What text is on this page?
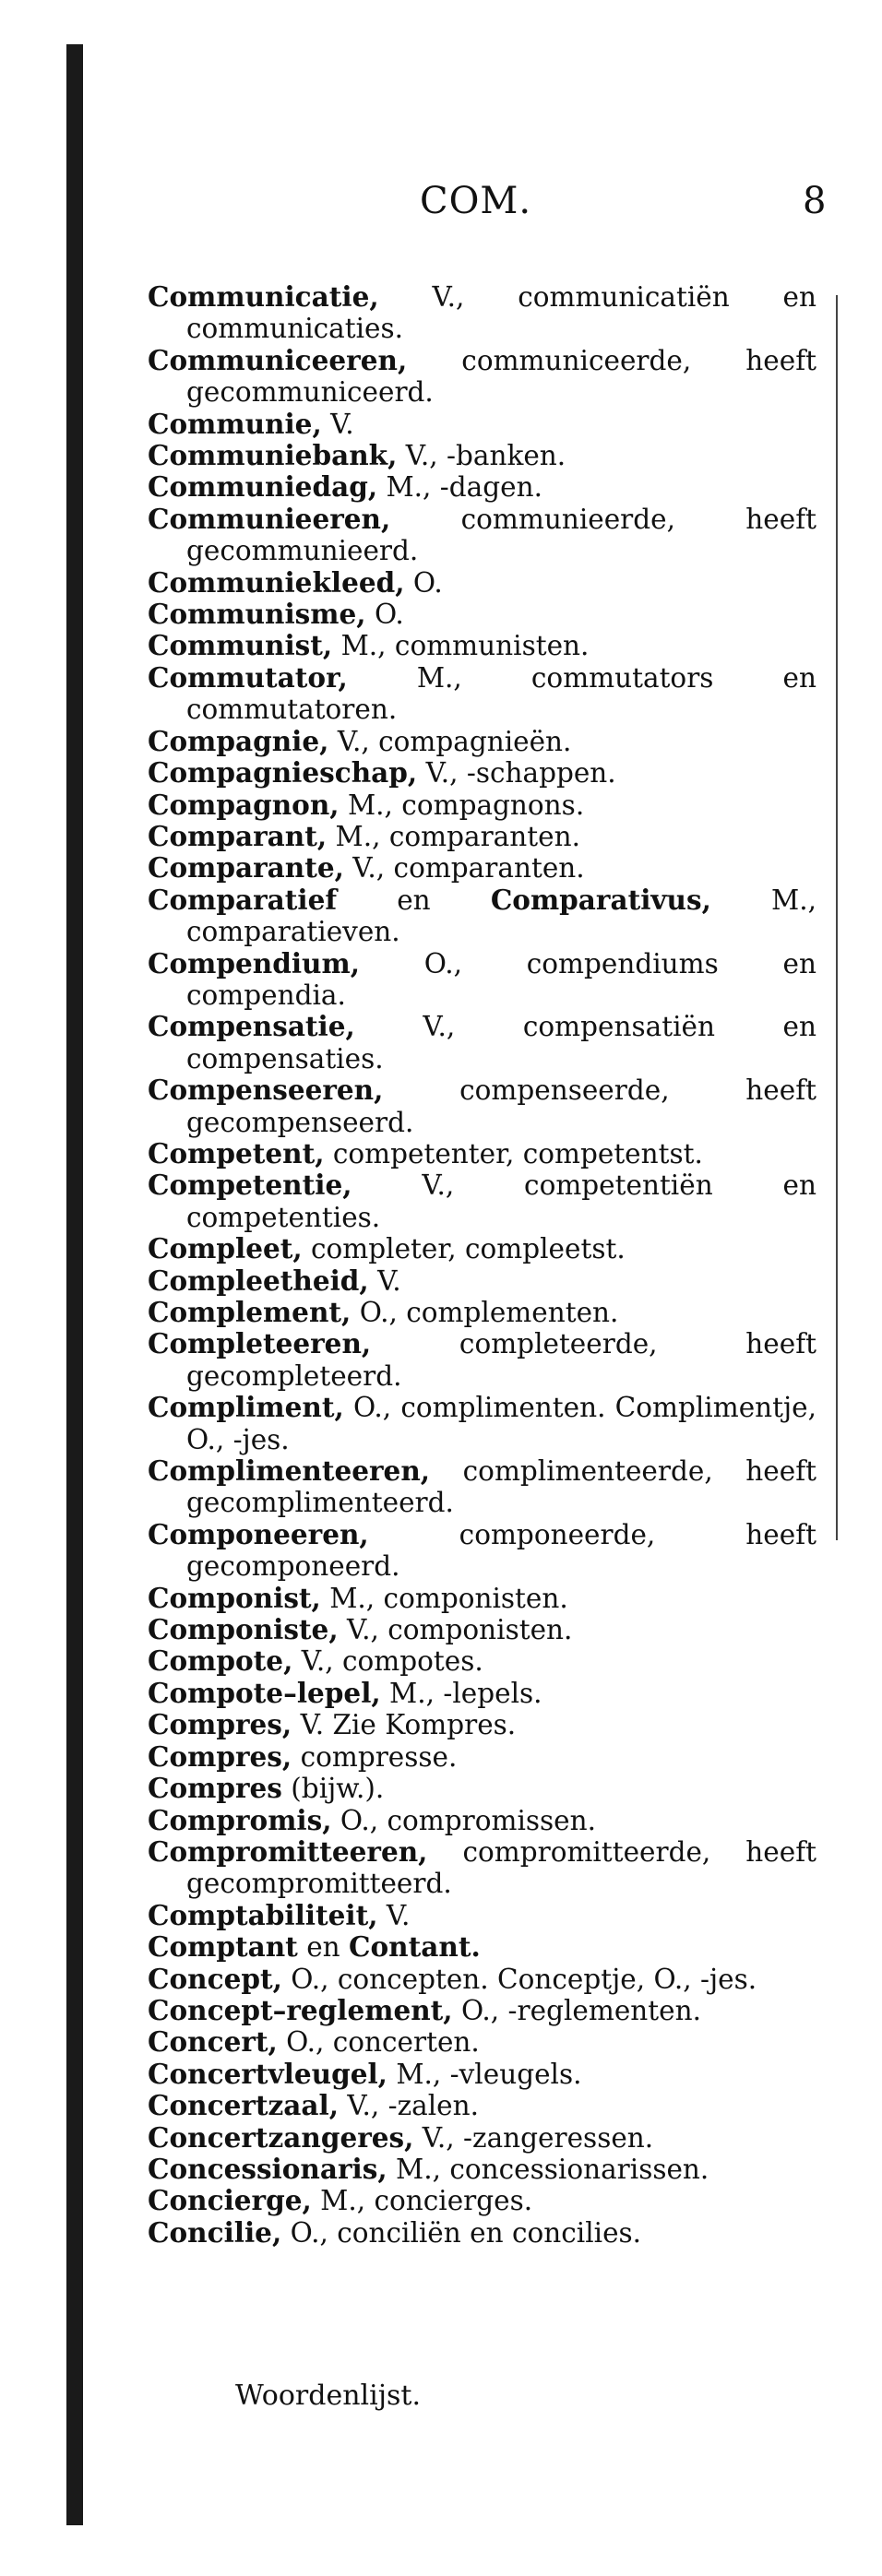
COM.	8

Communicatie, V., communicatiën en communicaties.

Communiceeren, communiceerde, heeft gecommuniceerd.

Communie, V.

Communiebank, V., -banken.

Communiedag, M., -dagen.

Communieeren, communieerde, heeft gecommunieerd.

Communiekleed, O.

Communisme, O.

Communist, M., communisten.

Commutator, M., commutators en commutatoren.

Compagnie, V., compagnieën.

Compagnieschap, V., -schappen.

Compagnon, M., compagnons.

Comparant, M., comparanten.

Comparante, V., comparanten.

Comparatief en Comparativus, M., comparatieven.

Compendium, O., compendiums en compendia.

Compensatie, V., compensatiën en compensaties.

Compenseeren, compenseerde, heeft gecompenseerd.

Competent, competenter, competentst.

Competentie, V., competentiën en competenties.

Compleet, completer, compleetst.

Compleetheid, V.

Complement, O., complementen.

Completeeren, completeerde, heeft gecompleteerd.

Compliment, O., complimenten. Complimentje, O., -jes.

Complimenteeren, complimenteerde, heeft gecomplimenteerd.

Componeeren, componeerde, heeft gecomponeerd.

Componist, M., componisten.

Componiste, V., componisten.

Compote, V., compotes.

Compote–lepel, M., -lepels.

Compres, V. Zie Kompres.

Compres, compresse.

Compres (bijw.).

Compromis, O., compromissen.

Compromitteeren, compromitteerde, heeft gecompromitteerd.

Comptabiliteit, V.

Comptant en Contant.

Concept, O., concepten. Conceptje, O., -jes.

Concept–reglement, O., -reglementen.

Concert, O., concerten.

Concertvleugel, M., -vleugels.

Concertzaal, V., -zalen.

Concertzangeres, V., -zangeressen.

Concessionaris, M., concessionarissen.

Concierge, M., concierges.

Concilie, O., conciliën en concilies.

Woordenlijst.
